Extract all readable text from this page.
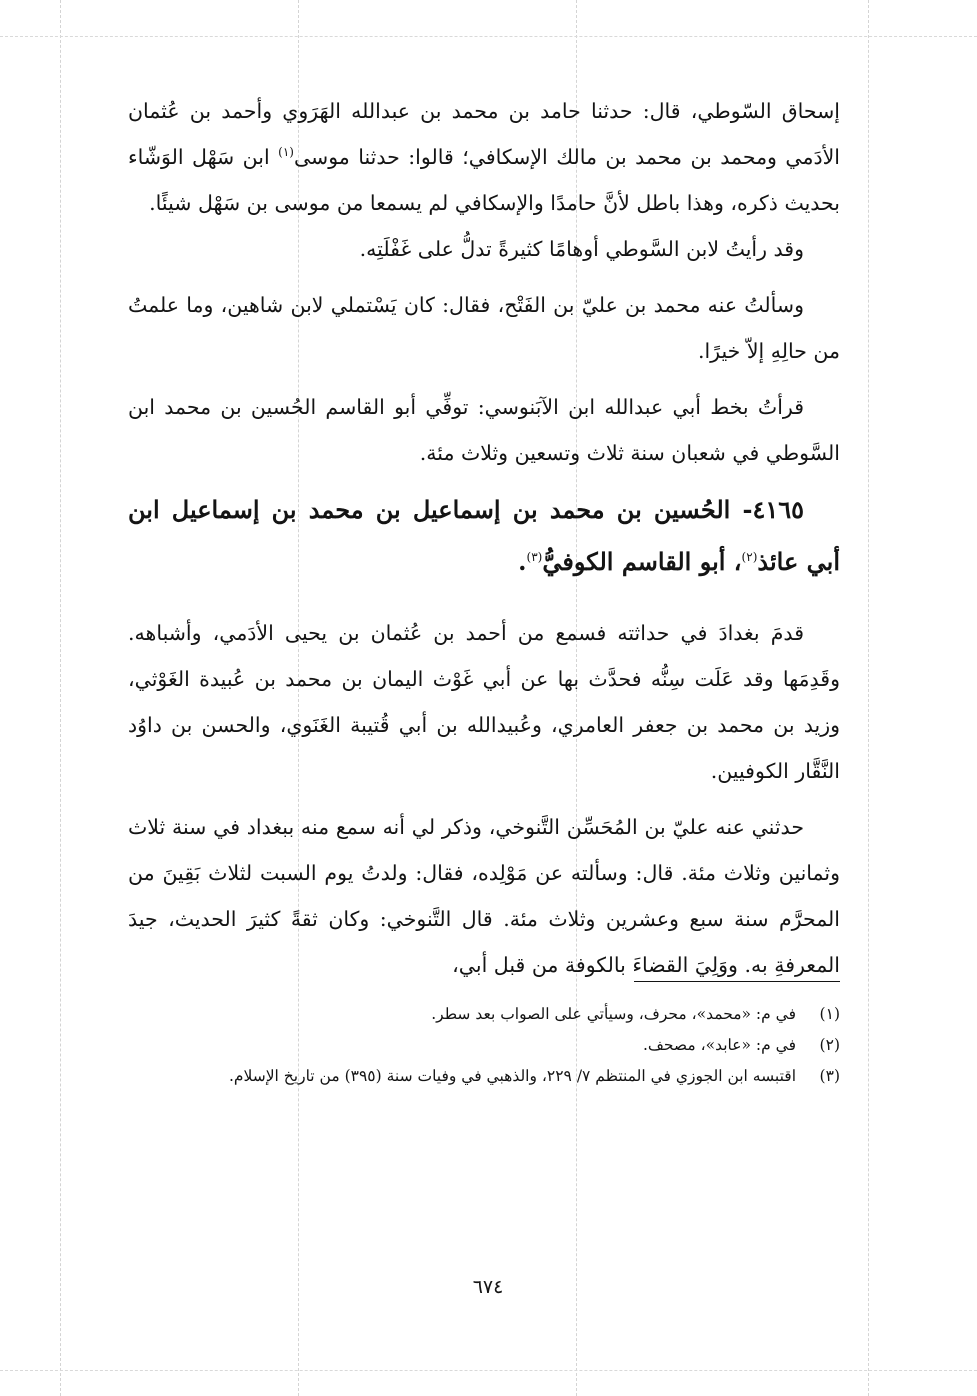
إسحاق السّوطي، قال: حدثنا حامد بن محمد بن عبدالله الهَرَوي وأحمد بن عُثمان الأدَمي ومحمد بن محمد بن مالك الإسكافي؛ قالوا: حدثنا موسى$^{(١)}$ ابن سَهْل الوَشّاء بحديث ذكره، وهذا باطل لأنَّ حامدًا والإسكافي لم يسمعا من موسى بن سَهْل شيئًا.

وقد رأيتُ لابن السَّوطي أوهامًا كثيرةً تدلُّ على غَفْلَتِه.

وسألتُ عنه محمد بن عليّ بن الفَتْح، فقال: كان يَسْتملي لابن شاهين، وما علمتُ من حالِهِ إلاّ خيرًا.

قرأتُ بخط أبي عبدالله ابن الآبَنوسي: توفِّي أبو القاسم الحُسين بن محمد ابن السَّوطي في شعبان سنة ثلاث وتسعين وثلاث مئة.

٤١٦٥- الحُسين بن محمد بن إسماعيل بن محمد بن إسماعيل ابن أبي عائذ$^{(٢)}$، أبو القاسم الكوفيُّ$^{(٣)}$.

قدمَ بغدادَ في حداثته فسمع من أحمد بن عُثمان بن يحيى الأدَمي، وأشباهه. وقَدِمَها وقد عَلَت سِنُّه فحدَّث بها عن أبي غَوْث اليمان بن محمد بن عُبيدة الغَوْثي، وزيد بن محمد بن جعفر العامري، وعُبيدالله بن أبي قُتيبة الغَنَوي، والحسن بن داوُد النَّقَّار الكوفيين.

حدثني عنه عليّ بن المُحَسِّن التَّنوخي، وذكر لي أنه سمع منه ببغداد في سنة ثلاث وثمانين وثلاث مئة. قال: وسألته عن مَوْلِده، فقال: ولدتُ يوم السبت لثلاث بَقِينَ من المحرَّم سنة سبع وعشرين وثلاث مئة. قال التَّنوخي: وكان ثقةً كثيرَ الحديث، جيدَ المعرفةِ به. ووَلِيَ القضاءَ بالكوفة من قبل أبي،

(١)
في م: «محمد»، محرف، وسيأتي على الصواب بعد سطر.
(٢)
في م: «عابد»، مصحف.
(٣)
اقتبسه ابن الجوزي في المنتظم ٧/ ٢٢٩، والذهبي في وفيات سنة (٣٩٥) من تاريخ الإسلام.
٦٧٤
